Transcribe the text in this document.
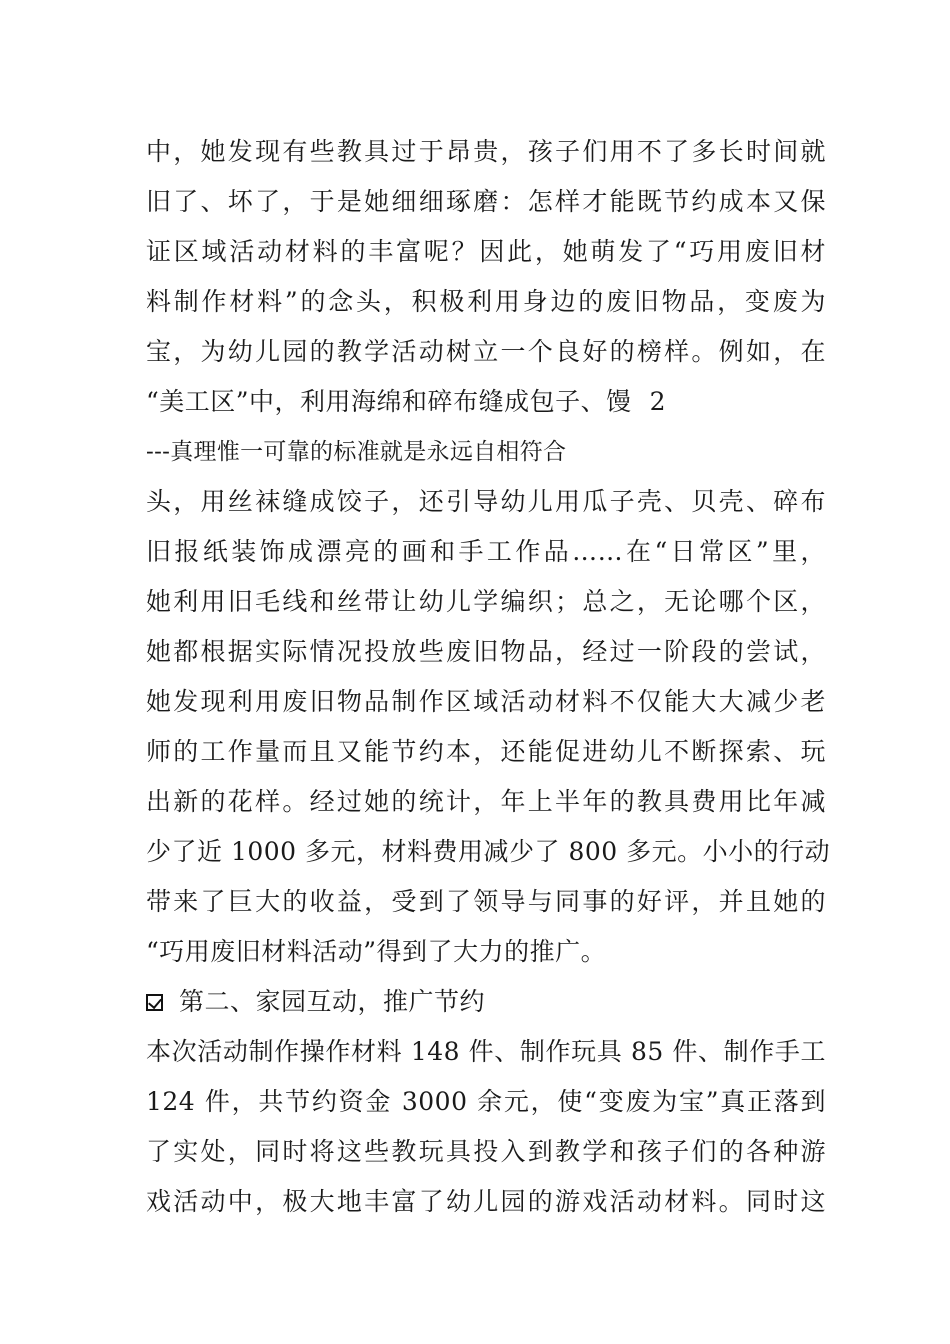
中，她发现有些教具过于昂贵，孩子们用不了多长时间就
旧了、坏了，于是她细细琢磨：怎样才能既节约成本又保
证区域活动材料的丰富呢？因此，她萌发了“巧用废旧材
料制作材料”的念头，积极利用身边的废旧物品，变废为
宝，为幼儿园的教学活动树立一个良好的榜样。例如，在
“美工区”中，利用海绵和碎布缝成包子、馒 2
---真理惟一可靠的标准就是永远自相符合
头，用丝袜缝成饺子，还引导幼儿用瓜子壳、贝壳、碎布
旧报纸装饰成漂亮的画和手工作品……在“日常区”里，
她利用旧毛线和丝带让幼儿学编织；总之，无论哪个区，
她都根据实际情况投放些废旧物品，经过一阶段的尝试，
她发现利用废旧物品制作区域活动材料不仅能大大减少老
师的工作量而且又能节约本，还能促进幼儿不断探索、玩
出新的花样。经过她的统计，年上半年的教具费用比年减
少了近 1000 多元，材料费用减少了 800 多元。小小的行动
带来了巨大的收益，受到了领导与同事的好评，并且她的
“巧用废旧材料活动”得到了大力的推广。
第二、家园互动，推广节约
本次活动制作操作材料 148 件、制作玩具 85 件、制作手工
124 件，共节约资金 3000 余元，使“变废为宝”真正落到
了实处，同时将这些教玩具投入到教学和孩子们的各种游
戏活动中，极大地丰富了幼儿园的游戏活动材料。同时这
